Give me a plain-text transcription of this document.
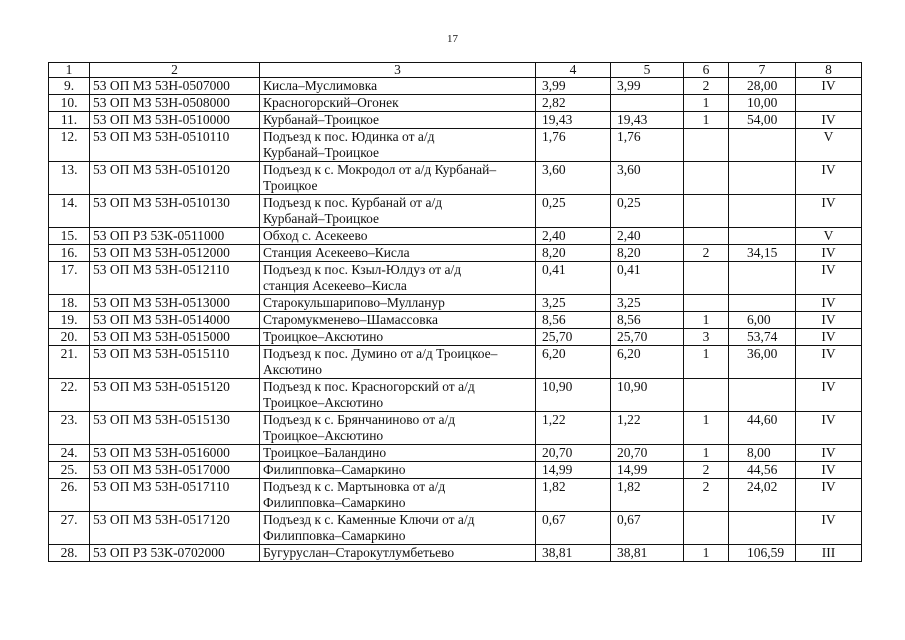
17
1	2	3	4	5	6	7	8
9.	53 ОП МЗ 53Н-0507000	Кисла–Муслимовка	3,99	3,99	2	28,00	IV
10.	53 ОП МЗ 53Н-0508000	Красногорский–Огонек	2,82		1	10,00	
11.	53 ОП МЗ 53Н-0510000	Курбанай–Троицкое	19,43	19,43	1	54,00	IV
12.	53 ОП МЗ 53Н-0510110	Подъезд к пос. Юдинка от а/д
Курбанай–Троицкое	1,76	1,76			V
13.	53 ОП МЗ 53Н-0510120	Подъезд к с. Мокродол от а/д Курбанай–
Троицкое	3,60	3,60			IV
14.	53 ОП МЗ 53Н-0510130	Подъезд к пос. Курбанай от а/д
Курбанай–Троицкое	0,25	0,25			IV
15.	53 ОП РЗ 53К-0511000	Обход с. Асекеево	2,40	2,40			V
16.	53 ОП МЗ 53Н-0512000	Станция Асекеево–Кисла	8,20	8,20	2	34,15	IV
17.	53 ОП МЗ 53Н-0512110	Подъезд к пос. Кзыл-Юлдуз от а/д
станция Асекеево–Кисла	0,41	0,41			IV
18.	53 ОП МЗ 53Н-0513000	Старокульшарипово–Мулланур	3,25	3,25			IV
19.	53 ОП МЗ 53Н-0514000	Старомукменево–Шамассовка	8,56	8,56	1	6,00	IV
20.	53 ОП МЗ 53Н-0515000	Троицкое–Аксютино	25,70	25,70	3	53,74	IV
21.	53 ОП МЗ 53Н-0515110	Подъезд к пос. Думино от а/д Троицкое–
Аксютино	6,20	6,20	1	36,00	IV
22.	53 ОП МЗ 53Н-0515120	Подъезд к пос. Красногорский от а/д
Троицкое–Аксютино	10,90	10,90			IV
23.	53 ОП МЗ 53Н-0515130	Подъезд к с. Брянчаниново от а/д
Троицкое–Аксютино	1,22	1,22	1	44,60	IV
24.	53 ОП МЗ 53Н-0516000	Троицкое–Баландино	20,70	20,70	1	8,00	IV
25.	53 ОП МЗ 53Н-0517000	Филипповка–Самаркино	14,99	14,99	2	44,56	IV
26.	53 ОП МЗ 53Н-0517110	Подъезд к с. Мартыновка от а/д
Филипповка–Самаркино	1,82	1,82	2	24,02	IV
27.	53 ОП МЗ 53Н-0517120	Подъезд к с. Каменные Ключи от а/д
Филипповка–Самаркино	0,67	0,67			IV
28.	53 ОП РЗ 53К-0702000	Бугуруслан–Старокутлумбетьево	38,81	38,81	1	106,59	III
